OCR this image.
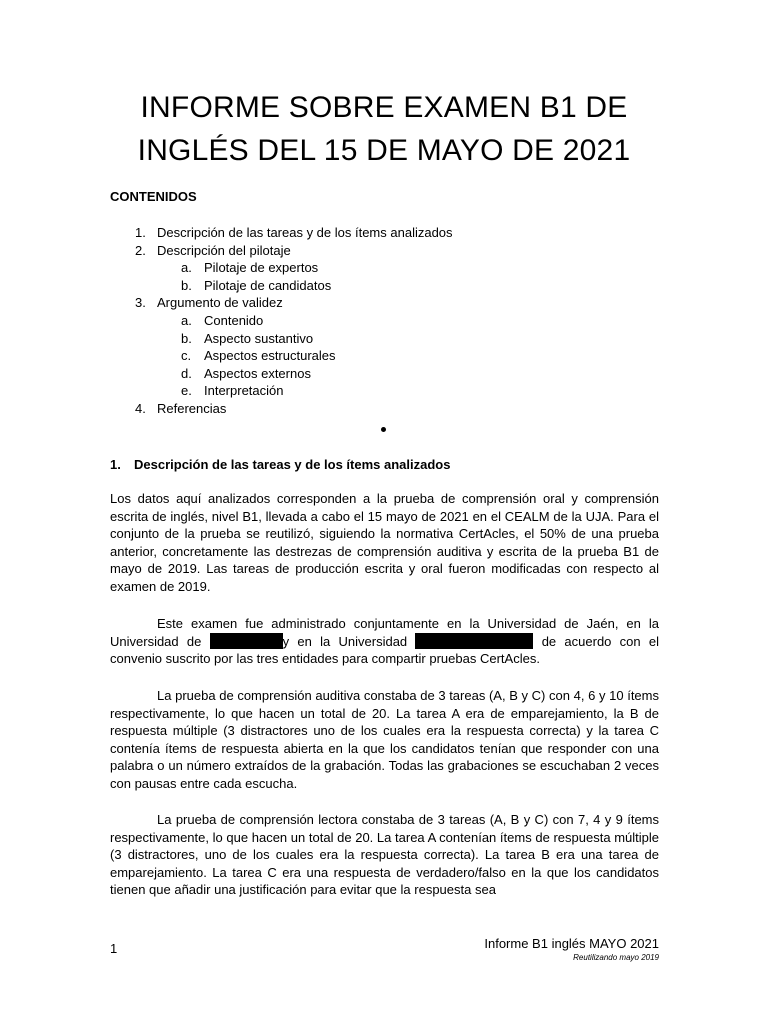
INFORME SOBRE EXAMEN B1 DE
INGLÉS DEL 15 DE MAYO DE 2021
CONTENIDOS
1. Descripción de las tareas y de los ítems analizados
2. Descripción del pilotaje
a. Pilotaje de expertos
b. Pilotaje de candidatos
3. Argumento de validez
a. Contenido
b. Aspecto sustantivo
c. Aspectos estructurales
d. Aspectos externos
e. Interpretación
4. Referencias
1. Descripción de las tareas y de los ítems analizados

Los datos aquí analizados corresponden a la prueba de comprensión oral y comprensión escrita de inglés, nivel B1, llevada a cabo el 15 mayo de 2021 en el CEALM de la UJA. Para el conjunto de la prueba se reutilizó, siguiendo la normativa CertAcles, el 50% de una prueba anterior, concretamente las destrezas de comprensión auditiva y escrita de la prueba B1 de mayo de 2019. Las tareas de producción escrita y oral fueron modificadas con respecto al examen de 2019.

Este examen fue administrado conjuntamente en la Universidad de Jaén, en la Universidad de	y en la Universidad	de acuerdo con el convenio suscrito por las tres entidades para compartir pruebas CertAcles.

La prueba de comprensión auditiva constaba de 3 tareas (A, B y C) con 4, 6 y 10 ítems respectivamente, lo que hacen un total de 20. La tarea A era de emparejamiento, la B de respuesta múltiple (3 distractores uno de los cuales era la respuesta correcta) y la tarea C contenía ítems de respuesta abierta en la que los candidatos tenían que responder con una palabra o un número extraídos de la grabación. Todas las grabaciones se escuchaban 2 veces con pausas entre cada escucha.

La prueba de comprensión lectora constaba de 3 tareas (A, B y C) con 7, 4 y 9 ítems respectivamente, lo que hacen un total de 20. La tarea A contenían ítems de respuesta múltiple (3 distractores, uno de los cuales era la respuesta correcta). La tarea B era una tarea de emparejamiento. La tarea C era una respuesta de verdadero/falso en la que los candidatos tienen que añadir una justificación para evitar que la respuesta sea

1	Informe B1 inglés MAYO 2021
Reutilizando mayo 2019
